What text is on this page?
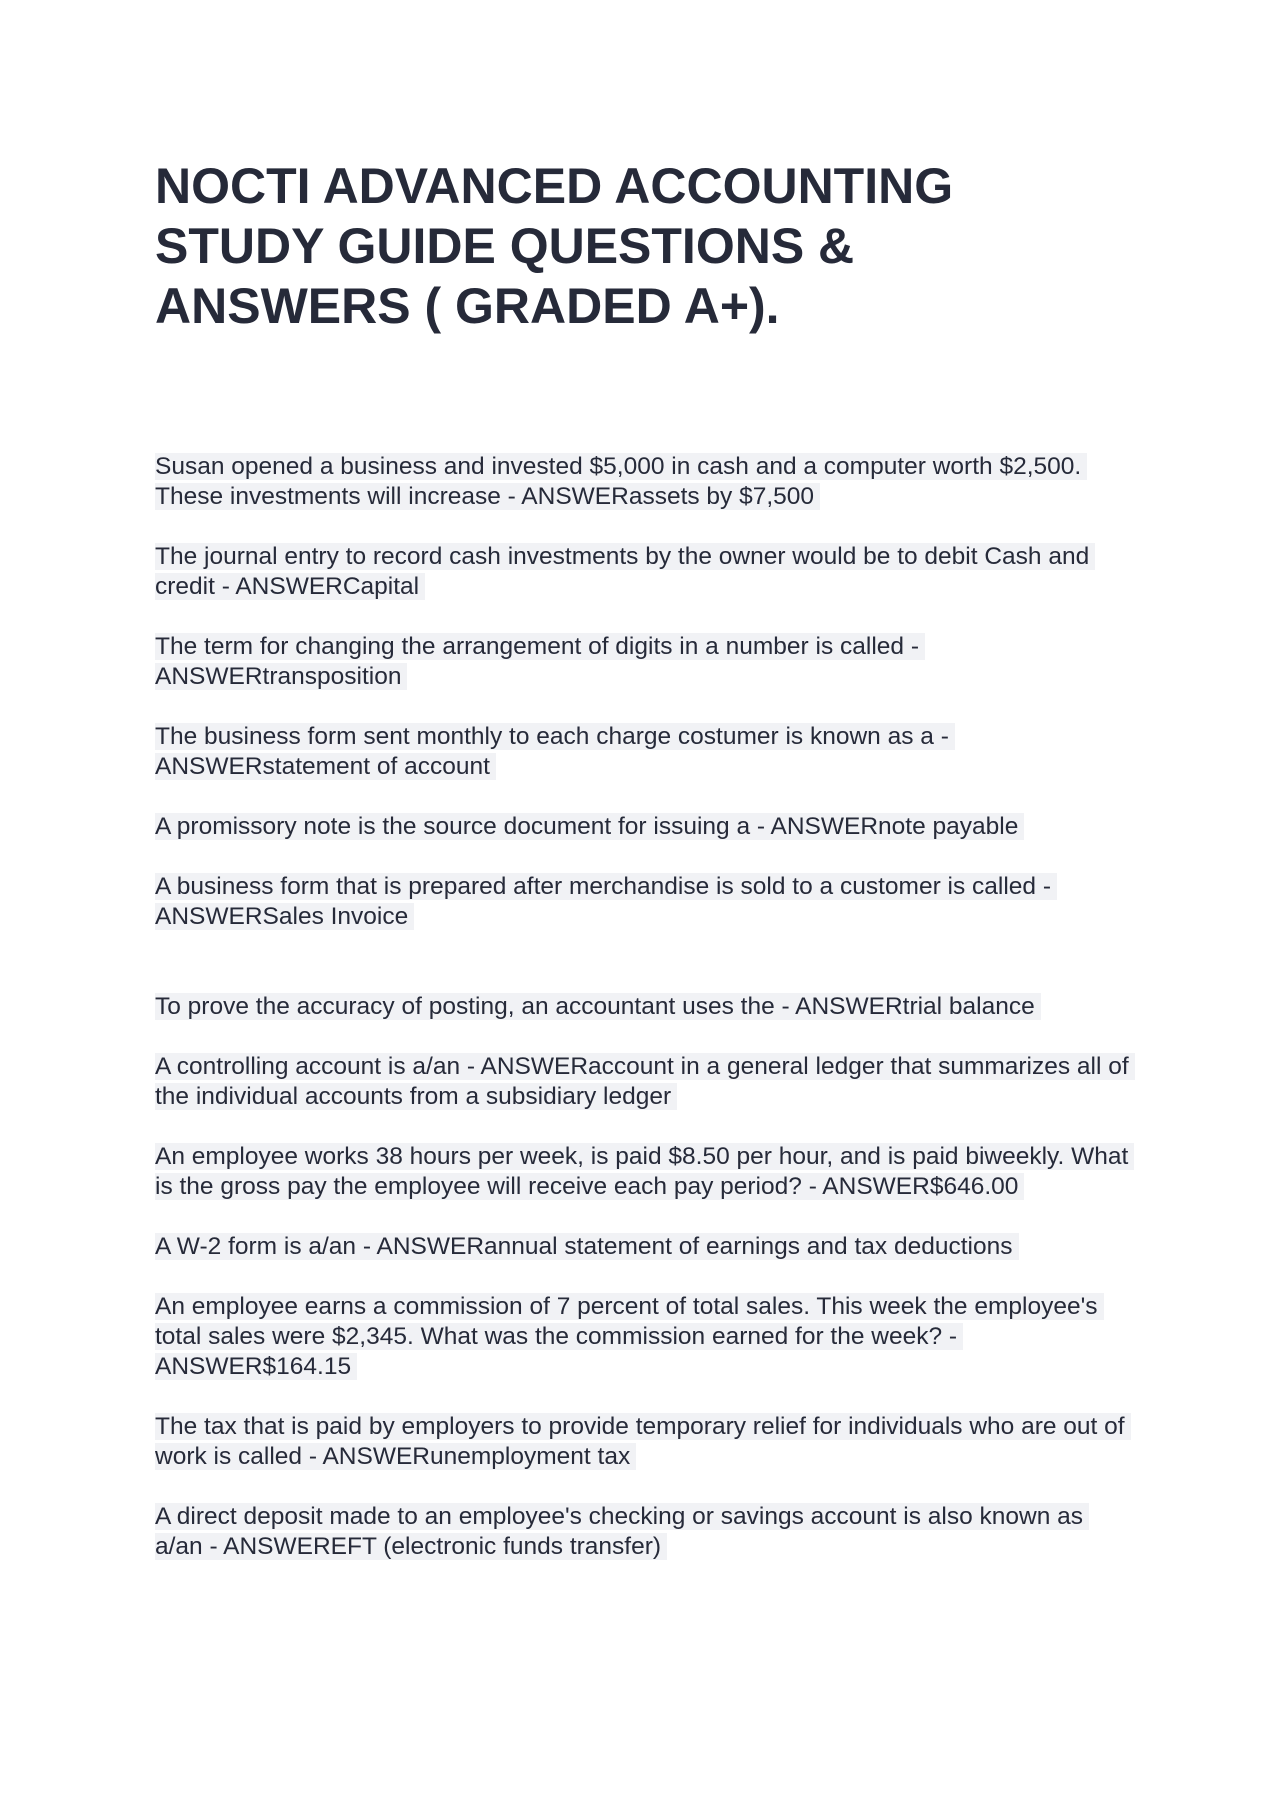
NOCTI ADVANCED ACCOUNTING STUDY GUIDE QUESTIONS & ANSWERS ( GRADED A+).

Susan opened a business and invested $5,000 in cash and a computer worth $2,500. These investments will increase - ANSWERassets by $7,500

The journal entry to record cash investments by the owner would be to debit Cash and credit - ANSWERCapital

The term for changing the arrangement of digits in a number is called - ANSWERtransposition

The business form sent monthly to each charge costumer is known as a - ANSWERstatement of account

A promissory note is the source document for issuing a - ANSWERnote payable

A business form that is prepared after merchandise is sold to a customer is called - ANSWERSales Invoice

To prove the accuracy of posting, an accountant uses the - ANSWERtrial balance

A controlling account is a/an - ANSWERaccount in a general ledger that summarizes all of the individual accounts from a subsidiary ledger

An employee works 38 hours per week, is paid $8.50 per hour, and is paid biweekly. What is the gross pay the employee will receive each pay period? - ANSWER$646.00

A W-2 form is a/an - ANSWERannual statement of earnings and tax deductions

An employee earns a commission of 7 percent of total sales. This week the employee's total sales were $2,345. What was the commission earned for the week? - ANSWER$164.15

The tax that is paid by employers to provide temporary relief for individuals who are out of work is called - ANSWERunemployment tax

A direct deposit made to an employee's checking or savings account is also known as a/an - ANSWEREFT (electronic funds transfer)
